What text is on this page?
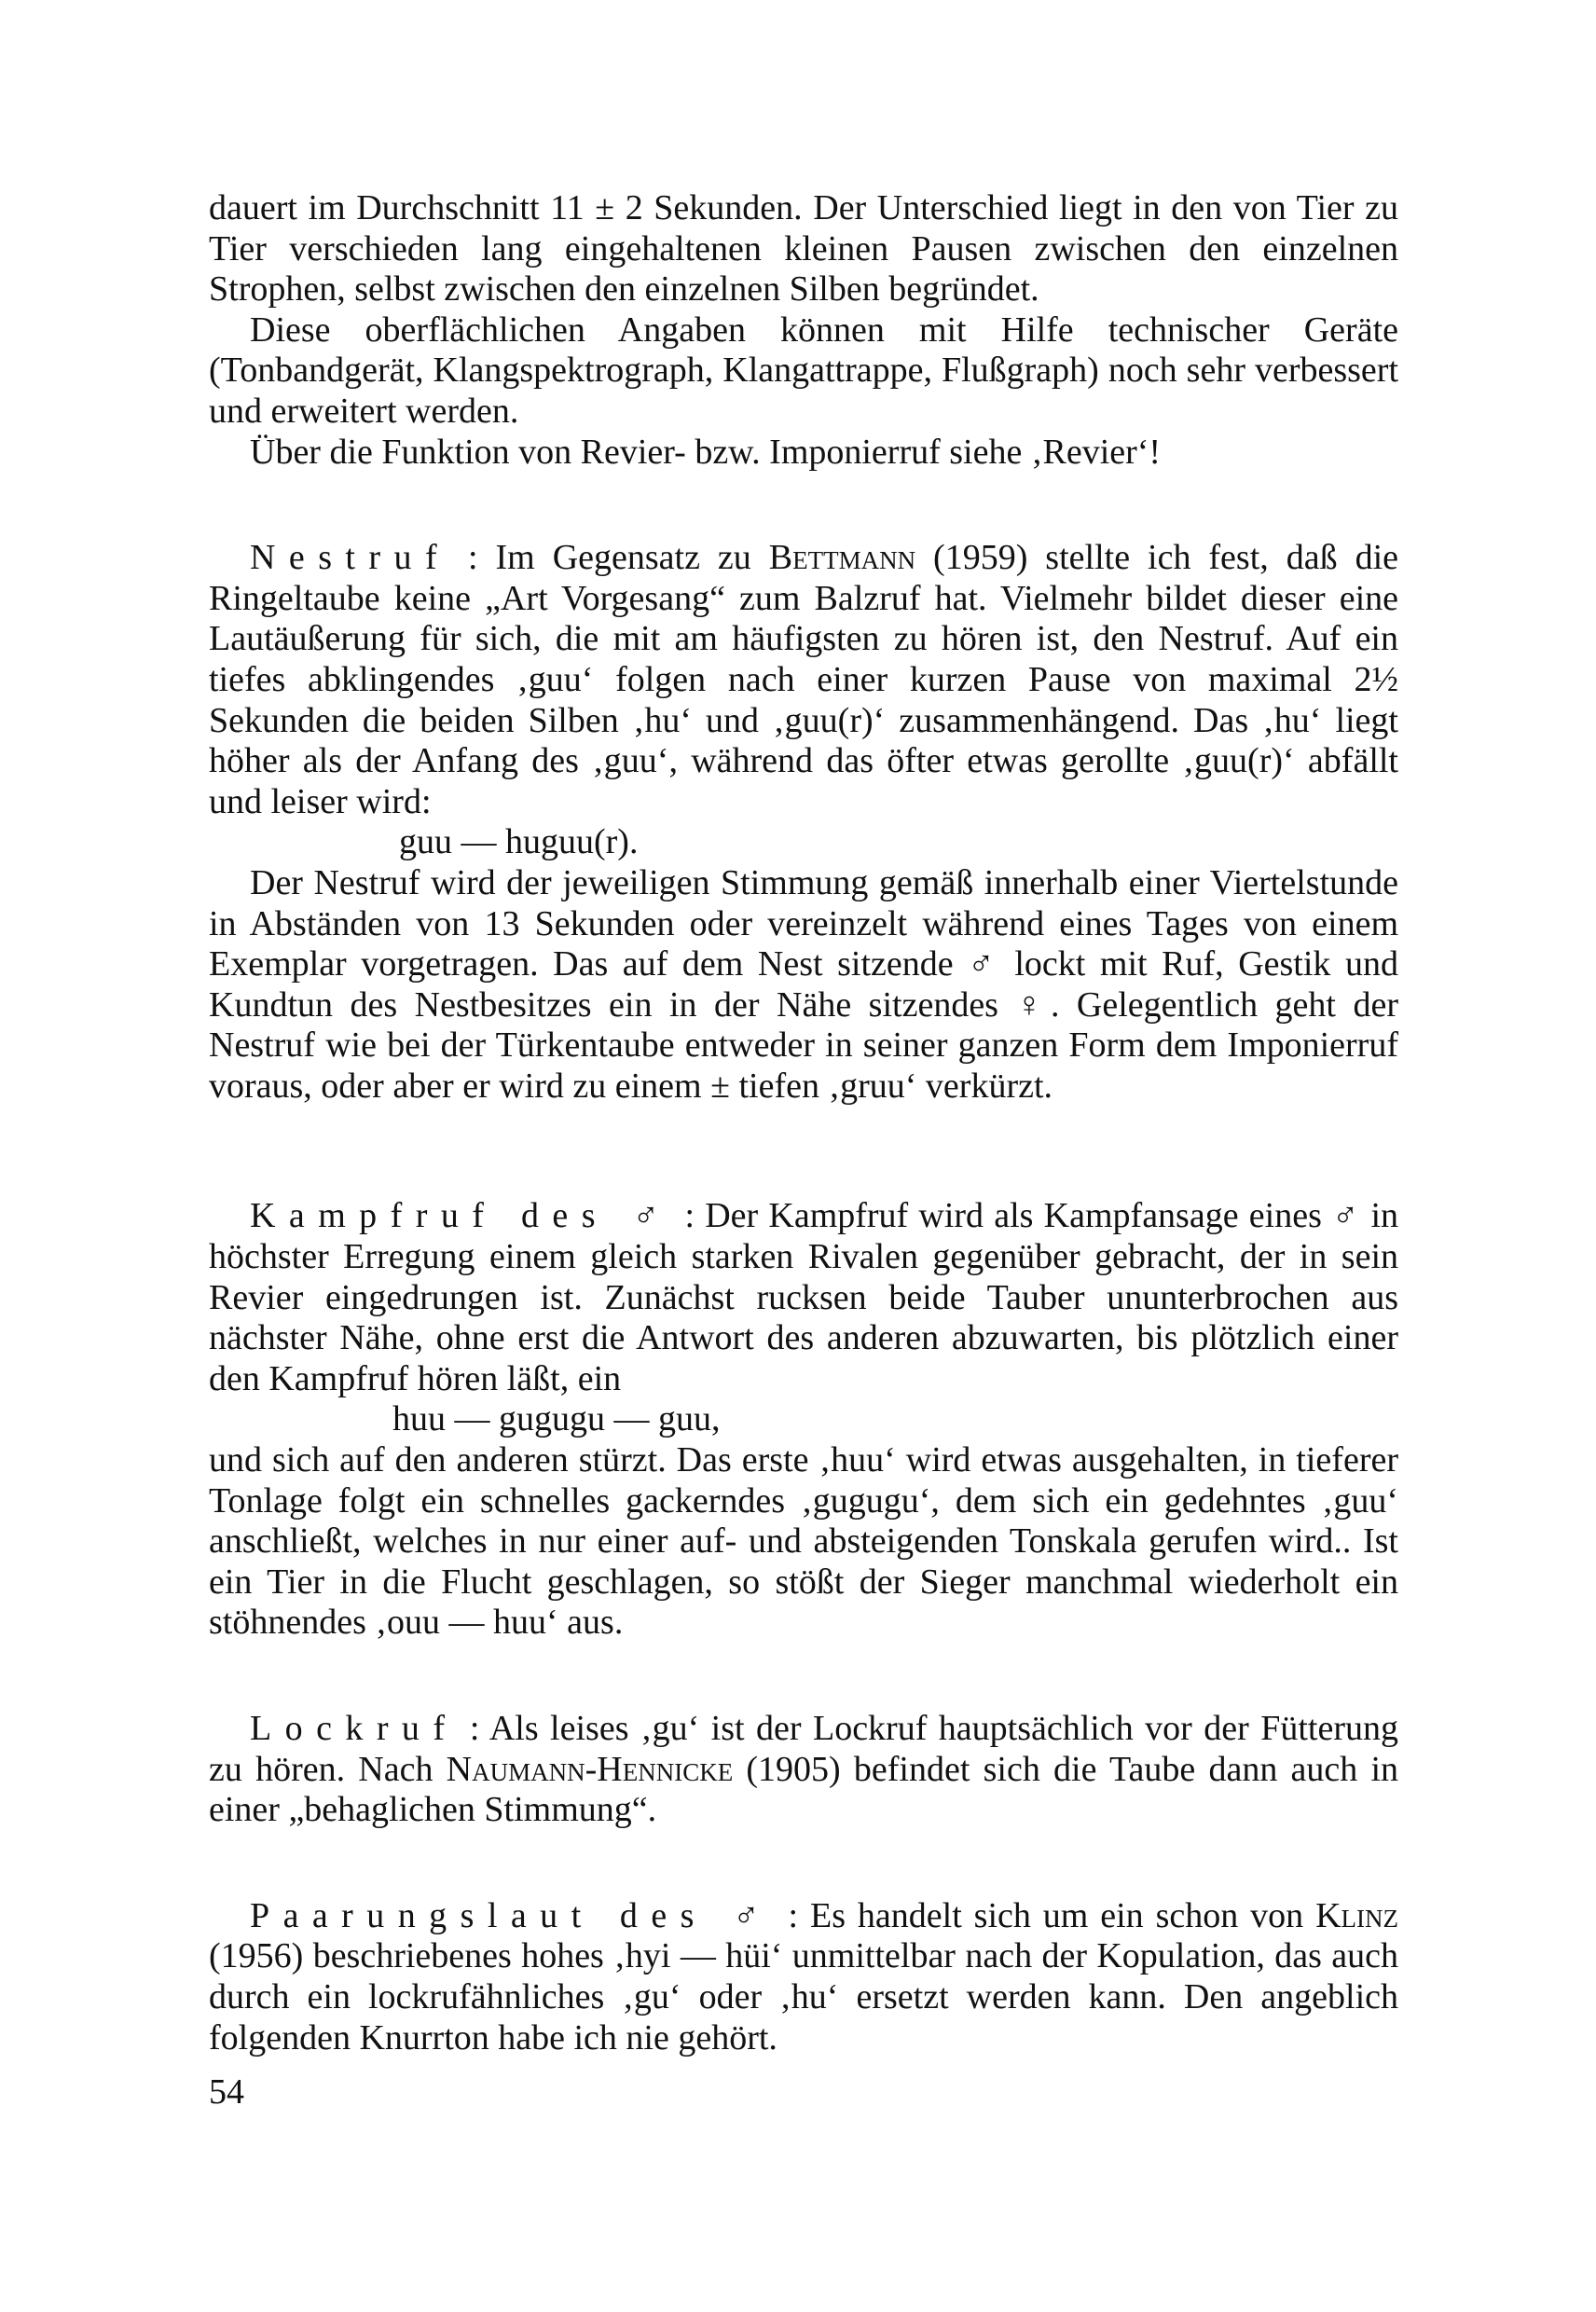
dauert im Durchschnitt 11 ± 2 Sekunden. Der Unterschied liegt in den von Tier zu Tier verschieden lang eingehaltenen kleinen Pausen zwischen den einzelnen Strophen, selbst zwischen den einzelnen Silben begründet.

Diese oberflächlichen Angaben können mit Hilfe technischer Geräte (Tonbandgerät, Klangspektrograph, Klangattrappe, Flußgraph) noch sehr verbessert und erweitert werden.

Über die Funktion von Revier- bzw. Imponierruf siehe ‚Revier‘!

Nestruf : Im Gegensatz zu Bettmann (1959) stellte ich fest, daß die Ringeltaube keine „Art Vorgesang“ zum Balzruf hat. Vielmehr bildet dieser eine Lautäußerung für sich, die mit am häufigsten zu hören ist, den Nestruf. Auf ein tiefes abklingendes ‚guu‘ folgen nach einer kurzen Pause von maximal 2½ Sekunden die beiden Silben ‚hu‘ und ‚guu(r)‘ zusammenhängend. Das ‚hu‘ liegt höher als der Anfang des ‚guu‘, während das öfter etwas gerollte ‚guu(r)‘ abfällt und leiser wird:

guu — huguu(r).

Der Nestruf wird der jeweiligen Stimmung gemäß innerhalb einer Viertelstunde in Abständen von 13 Sekunden oder vereinzelt während eines Tages von einem Exemplar vorgetragen. Das auf dem Nest sitzende ♂ lockt mit Ruf, Gestik und Kundtun des Nestbesitzes ein in der Nähe sitzendes ♀. Gelegentlich geht der Nestruf wie bei der Türkentaube entweder in seiner ganzen Form dem Imponierruf voraus, oder aber er wird zu einem ± tiefen ‚gruu‘ verkürzt.

Kampfruf des ♂ : Der Kampfruf wird als Kampfansage eines ♂ in höchster Erregung einem gleich starken Rivalen gegenüber gebracht, der in sein Revier eingedrungen ist. Zunächst rucksen beide Tauber ununterbrochen aus nächster Nähe, ohne erst die Antwort des anderen abzuwarten, bis plötzlich einer den Kampfruf hören läßt, ein

huu — gugugu — guu,

und sich auf den anderen stürzt. Das erste ‚huu‘ wird etwas ausgehalten, in tieferer Tonlage folgt ein schnelles gackerndes ‚gugugu‘, dem sich ein gedehntes ‚guu‘ anschließt, welches in nur einer auf- und absteigenden Tonskala gerufen wird.. Ist ein Tier in die Flucht geschlagen, so stößt der Sieger manchmal wiederholt ein stöhnendes ‚ouu — huu‘ aus.

Lockruf : Als leises ‚gu‘ ist der Lockruf hauptsächlich vor der Fütterung zu hören. Nach Naumann-Hennicke (1905) befindet sich die Taube dann auch in einer „behaglichen Stimmung“.

Paarungslaut des ♂ : Es handelt sich um ein schon von Klinz (1956) beschriebenes hohes ‚hyi — hüi‘ unmittelbar nach der Kopulation, das auch durch ein lockrufähnliches ‚gu‘ oder ‚hu‘ ersetzt werden kann. Den angeblich folgenden Knurrton habe ich nie gehört.

54
